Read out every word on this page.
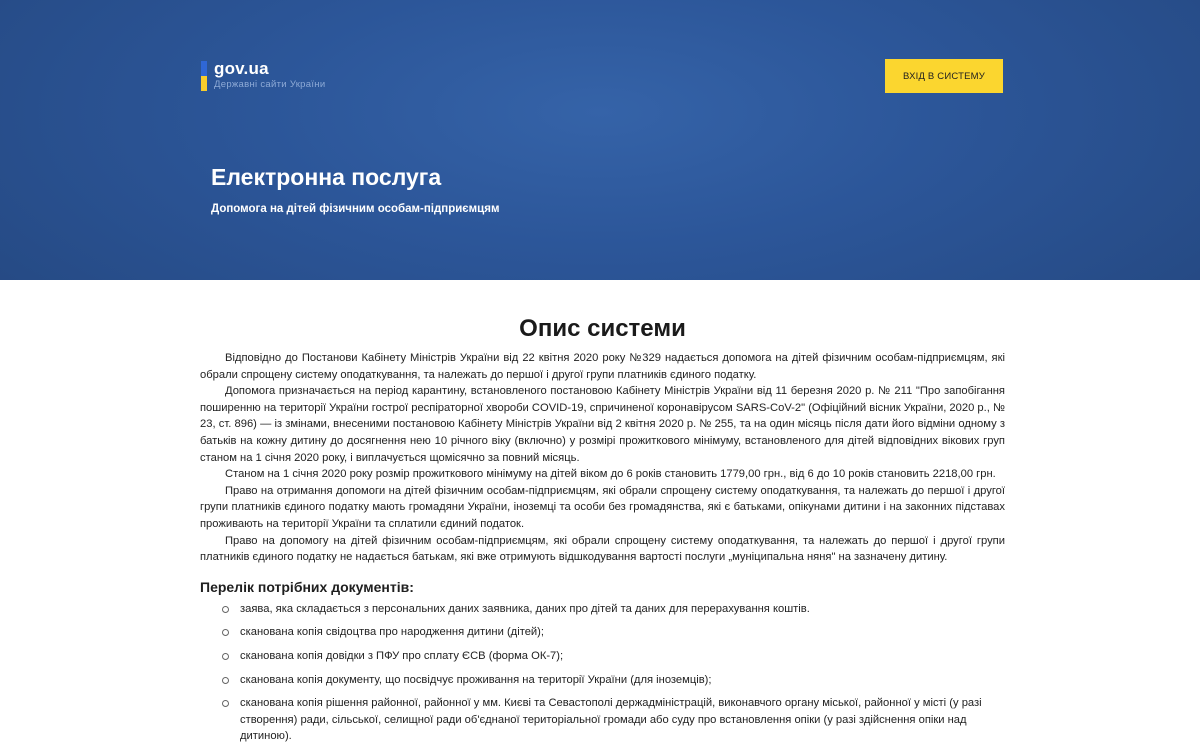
gov.ua
Державні сайти України
ВХІД В СИСТЕМУ
Електронна послуга
Допомога на дітей фізичним особам-підприємцям
Опис системи

Відповідно до Постанови Кабінету Міністрів України від 22 квітня 2020 року №329 надається допомога на дітей фізичним особам-підприємцям, які обрали спрощену систему оподаткування, та належать до першої і другої групи платників єдиного податку.

Допомога призначається на період карантину, встановленого постановою Кабінету Міністрів України від 11 березня 2020 р. № 211 "Про запобігання поширенню на території України гострої респіраторної хвороби COVID-19, спричиненої коронавірусом SARS-CoV-2" (Офіційний вісник України, 2020 р., № 23, ст. 896) — із змінами, внесеними постановою Кабінету Міністрів України від 2 квітня 2020 р. № 255, та на один місяць після дати його відміни одному з батьків на кожну дитину до досягнення нею 10 річного віку (включно) у розмірі прожиткового мінімуму, встановленого для дітей відповідних вікових груп станом на 1 січня 2020 року, і виплачується щомісячно за повний місяць.

Станом на 1 січня 2020 року розмір прожиткового мінімуму на дітей віком до 6 років становить 1779,00 грн., від 6 до 10 років становить 2218,00 грн.

Право на отримання допомоги на дітей фізичним особам-підприємцям, які обрали спрощену систему оподаткування, та належать до першої і другої групи платників єдиного податку мають громадяни України, іноземці та особи без громадянства, які є батьками, опікунами дитини і на законних підставах проживають на території України та сплатили єдиний податок.

Право на допомогу на дітей фізичним особам-підприємцям, які обрали спрощену систему оподаткування, та належать до першої і другої групи платників єдиного податку не надається батькам, які вже отримують відшкодування вартості послуги „муніципальна няня" на зазначену дитину.

Перелік потрібних документів:
заява, яка складається з персональних даних заявника, даних про дітей та даних для перерахування коштів.
сканована копія свідоцтва про народження дитини (дітей);
сканована копія довідки з ПФУ про сплату ЄСВ (форма ОК-7);
сканована копія документу, що посвідчує проживання на території України (для іноземців);
сканована копія рішення районної, районної у мм. Києві та Севастополі держадміністрацій, виконавчого органу міської, районної у місті (у разі створення) ради, сільської, селищної ради об'єднаної територіальної громади або суду про встановлення опіки (у разі здійснення опіки над дитиною).
